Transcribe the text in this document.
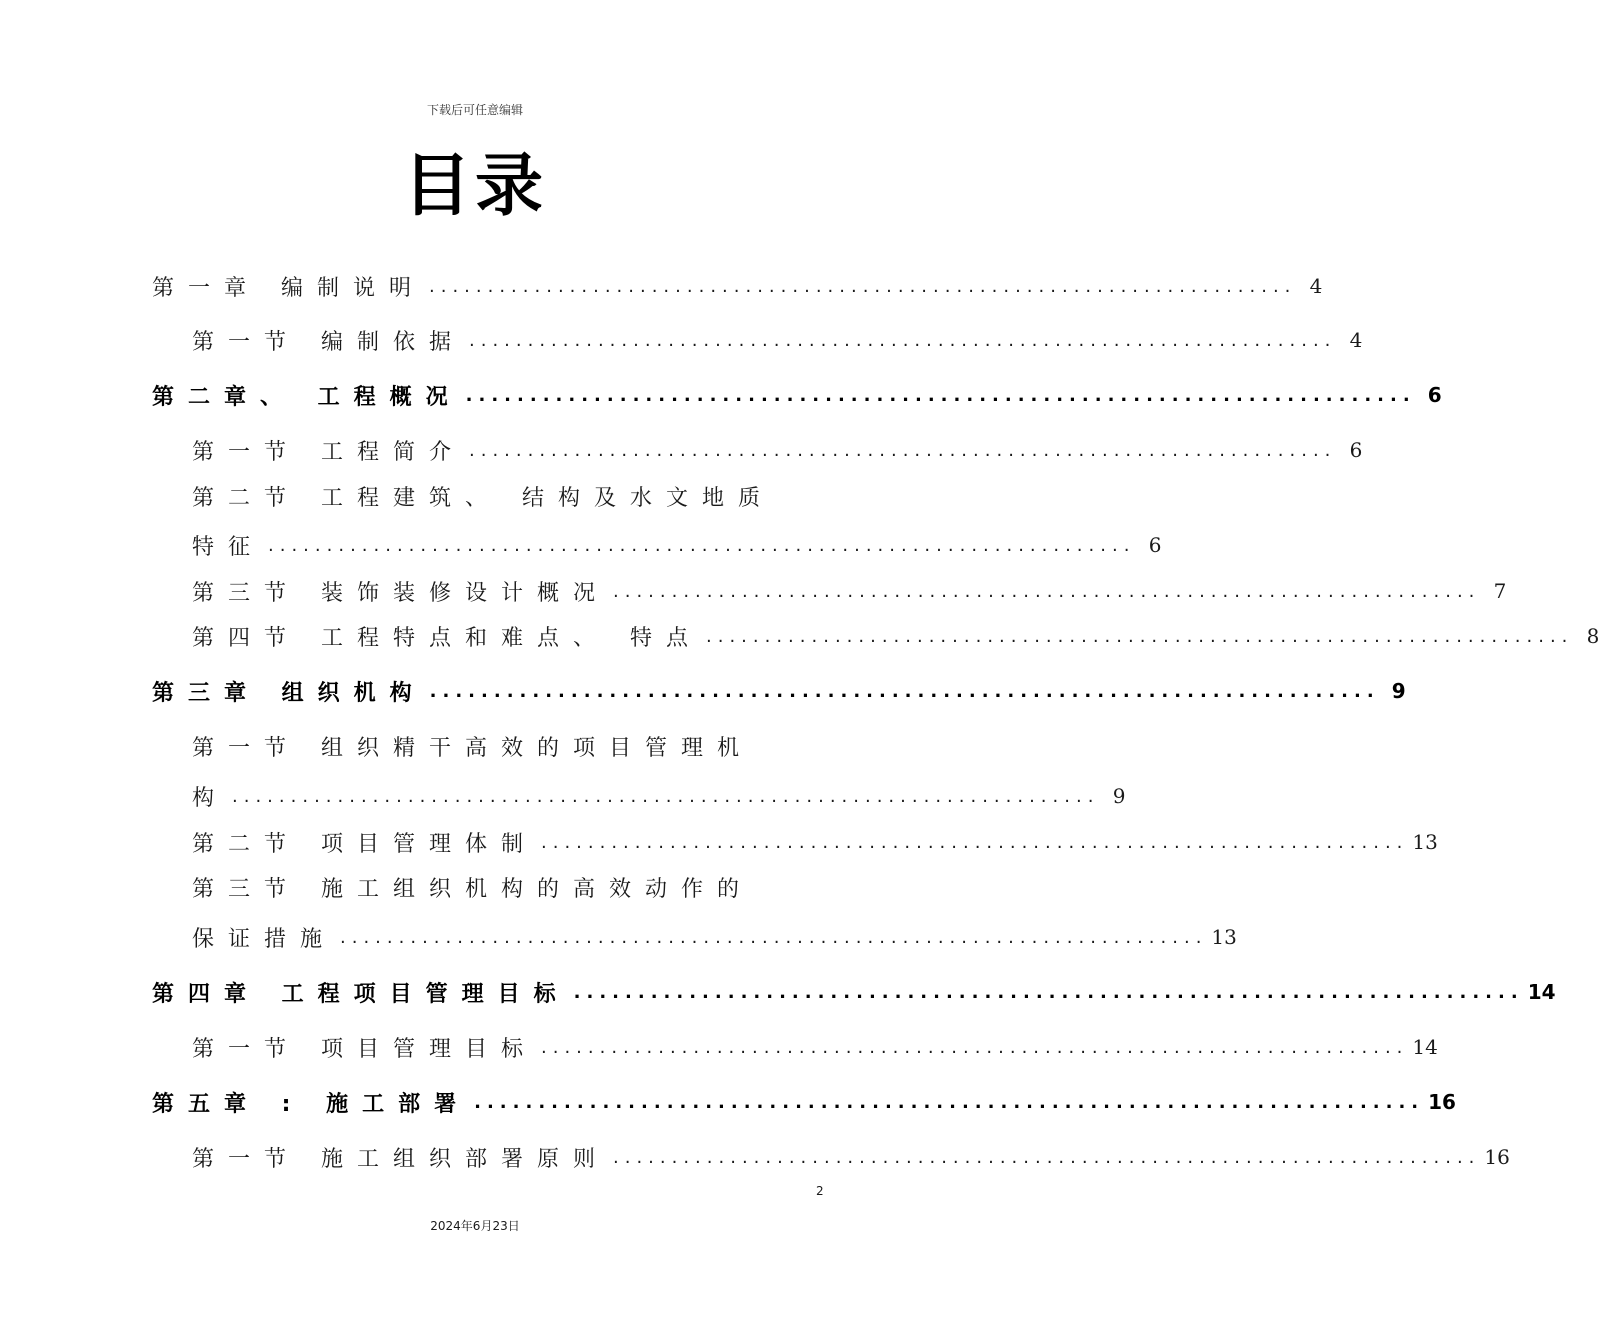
下载后可任意编辑
目录
第一章 编制说明 .......................................................................... 4
第一节 编制依据 .......................................................................... 4
第二章、 工程概况 .......................................................................... 6
第一节 工程简介 .......................................................................... 6
第二节 工程建筑、 结构及水文地质
特征 .......................................................................... 6
第三节 装饰装修设计概况 .......................................................................... 7
第四节 工程特点和难点、 特点 .......................................................................... 8
第三章 组织机构 .......................................................................... 9
第一节 组织精干高效的项目管理机
构 .......................................................................... 9
第二节 项目管理体制 .......................................................................... 13
第三节 施工组织机构的高效动作的
保证措施 .......................................................................... 13
第四章 工程项目管理目标 .......................................................................... 14
第一节 项目管理目标 .......................................................................... 14
第五章 : 施工部署 .......................................................................... 16
第一节 施工组织部署原则 .......................................................................... 16
2
2024年6月23日
